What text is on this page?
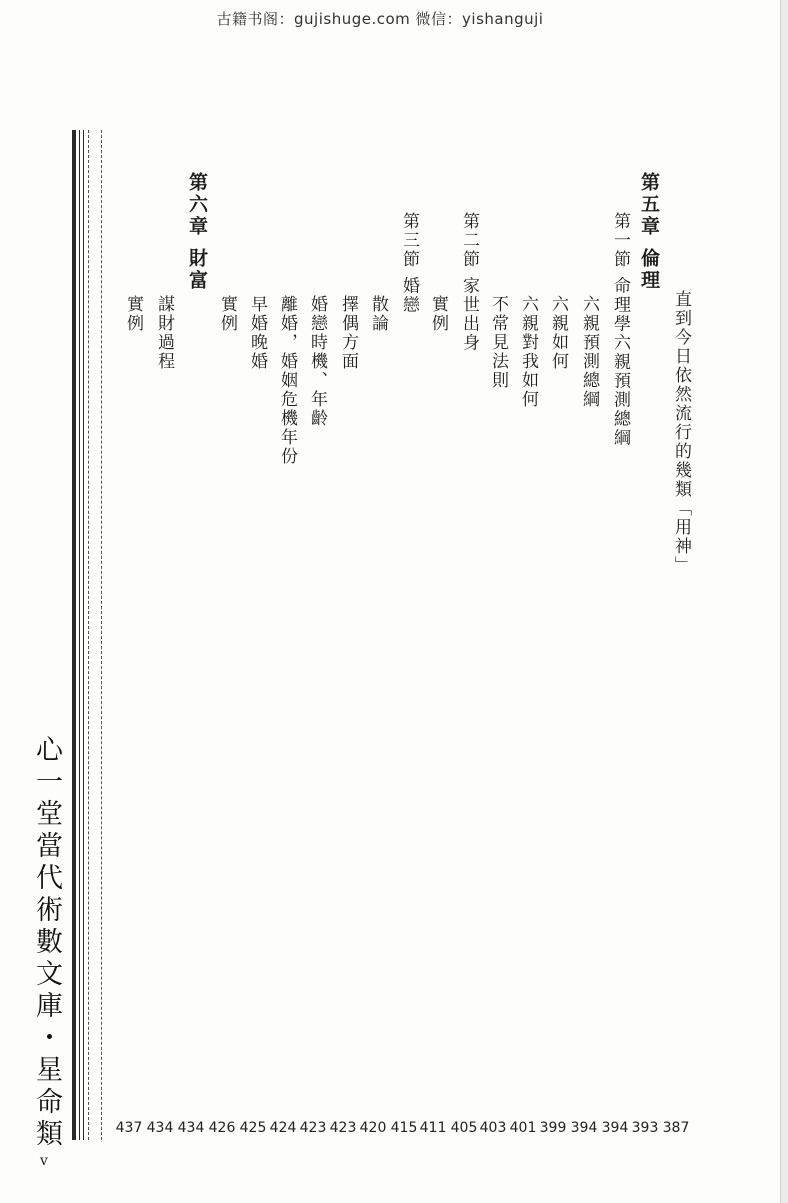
古籍书阁：gujishuge.com 微信：yishanguji
心一堂當代術數文庫・星命類
v
直到今日依然流行的幾類「用神」
387
第五章 倫理
393
第一節 命理學六親預測總綱
394
六親預測總綱
394
六親如何
399
六親對我如何
401
不常見法則
403
第二節 家世出身
405
實例
411
第三節 婚戀
415
散論
420
擇偶方面
423
婚戀時機、年齡
423
離婚，婚姻危機年份
424
早婚晚婚
425
實例
426
第六章 財富
434
謀財過程
434
實例
437
